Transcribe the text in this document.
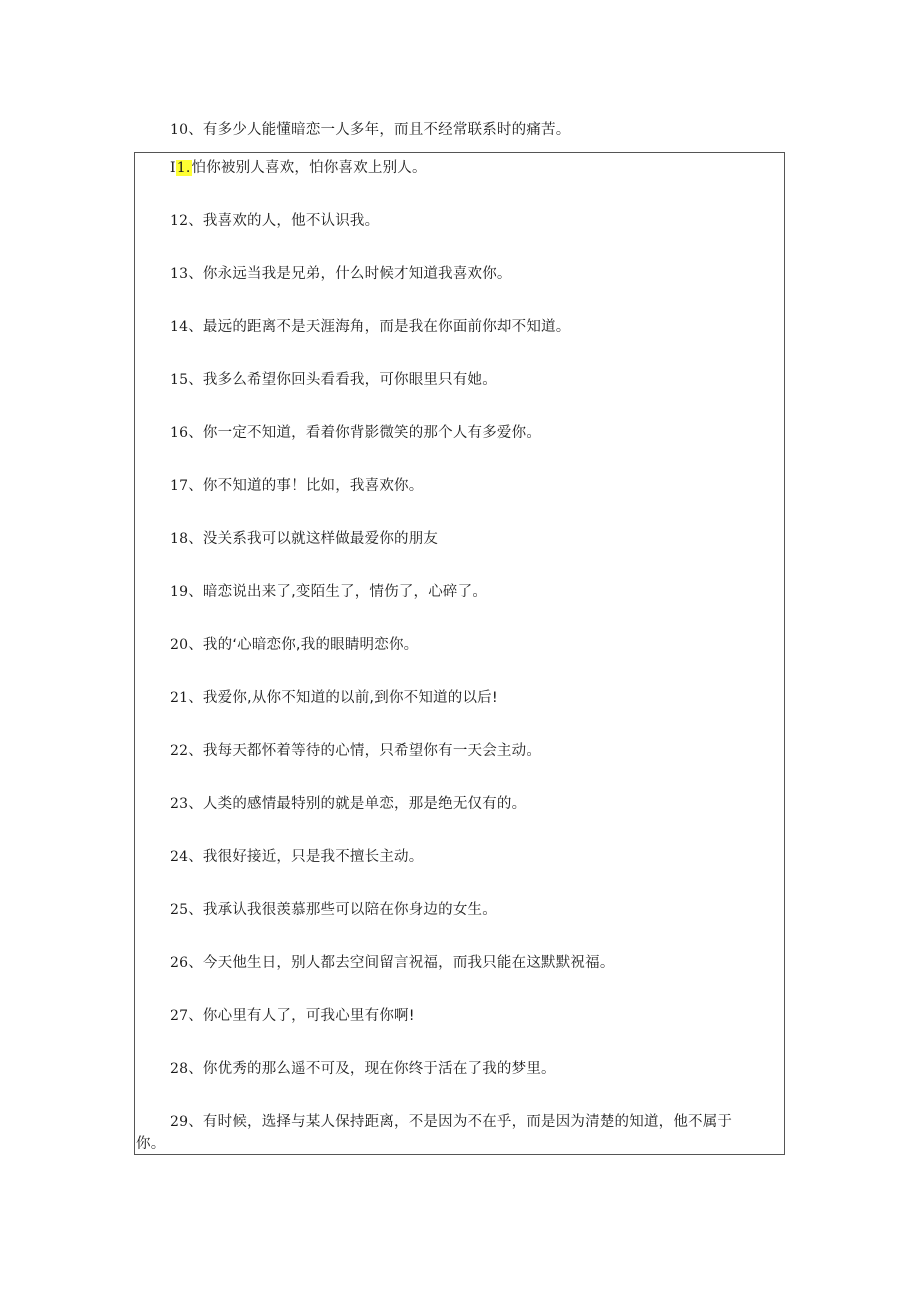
10、有多少人能懂暗恋一人多年，而且不经常联系时的痛苦。
I1.怕你被别人喜欢，怕你喜欢上别人。
12、我喜欢的人，他不认识我。
13、你永远当我是兄弟，什么时候才知道我喜欢你。
14、最远的距离不是天涯海角，而是我在你面前你却不知道。
15、我多么希望你回头看看我，可你眼里只有她。
16、你一定不知道，看着你背影微笑的那个人有多爱你。
17、你不知道的事！比如，我喜欢你。
18、没关系我可以就这样做最爱你的朋友
19、暗恋说出来了,变陌生了，情伤了，心碎了。
20、我的‘心暗恋你,我的眼睛明恋你。
21、我爱你,从你不知道的以前,到你不知道的以后!
22、我每天都怀着等待的心情，只希望你有一天会主动。
23、人类的感情最特别的就是单恋，那是绝无仅有的。
24、我很好接近，只是我不擅长主动。
25、我承认我很羡慕那些可以陪在你身边的女生。
26、今天他生日，别人都去空间留言祝福，而我只能在这默默祝福。
27、你心里有人了，可我心里有你啊!
28、你优秀的那么遥不可及，现在你终于活在了我的梦里。
29、有时候，选择与某人保持距离，不是因为不在乎，而是因为清楚的知道，他不属于
你。
